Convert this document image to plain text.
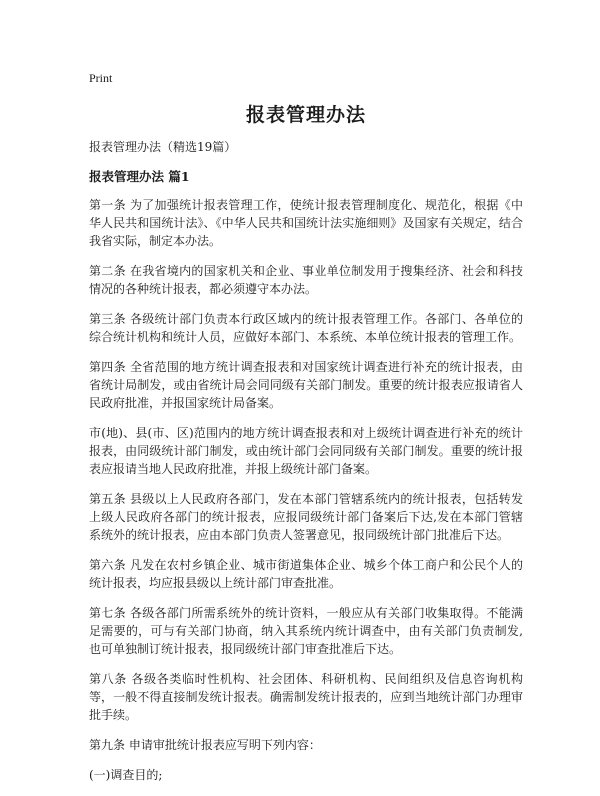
Print
报表管理办法
报表管理办法（精选19篇）
报表管理办法 篇1

第一条 为了加强统计报表管理工作，使统计报表管理制度化、规范化，根据《中华人民共和国统计法》、《中华人民共和国统计法实施细则》及国家有关规定，结合我省实际，制定本办法。

第二条 在我省境内的国家机关和企业、事业单位制发用于搜集经济、社会和科技情况的各种统计报表，都必须遵守本办法。

第三条 各级统计部门负责本行政区域内的统计报表管理工作。各部门、各单位的综合统计机构和统计人员，应做好本部门、本系统、本单位统计报表的管理工作。

第四条 全省范围的地方统计调查报表和对国家统计调查进行补充的统计报表，由省统计局制发，或由省统计局会同同级有关部门制发。重要的统计报表应报请省人民政府批准，并报国家统计局备案。

市(地)、县(市、区)范围内的地方统计调查报表和对上级统计调查进行补充的统计报表，由同级统计部门制发，或由统计部门会同同级有关部门制发。重要的统计报表应报请当地人民政府批准，并报上级统计部门备案。

第五条 县级以上人民政府各部门，发在本部门管辖系统内的统计报表，包括转发上级人民政府各部门的统计报表，应报同级统计部门备案后下达,发在本部门管辖系统外的统计报表，应由本部门负责人签署意见，报同级统计部门批准后下达。

第六条 凡发在农村乡镇企业、城市街道集体企业、城乡个体工商户和公民个人的统计报表，均应报县级以上统计部门审查批准。

第七条 各级各部门所需系统外的统计资料，一般应从有关部门收集取得。不能满足需要的，可与有关部门协商，纳入其系统内统计调查中，由有关部门负责制发,也可单独制订统计报表，报同级统计部门审查批准后下达。

第八条 各级各类临时性机构、社会团体、科研机构、民间组织及信息咨询机构等，一般不得直接制发统计报表。确需制发统计报表的，应到当地统计部门办理审批手续。

第九条 申请审批统计报表应写明下列内容：

(一)调查目的;
